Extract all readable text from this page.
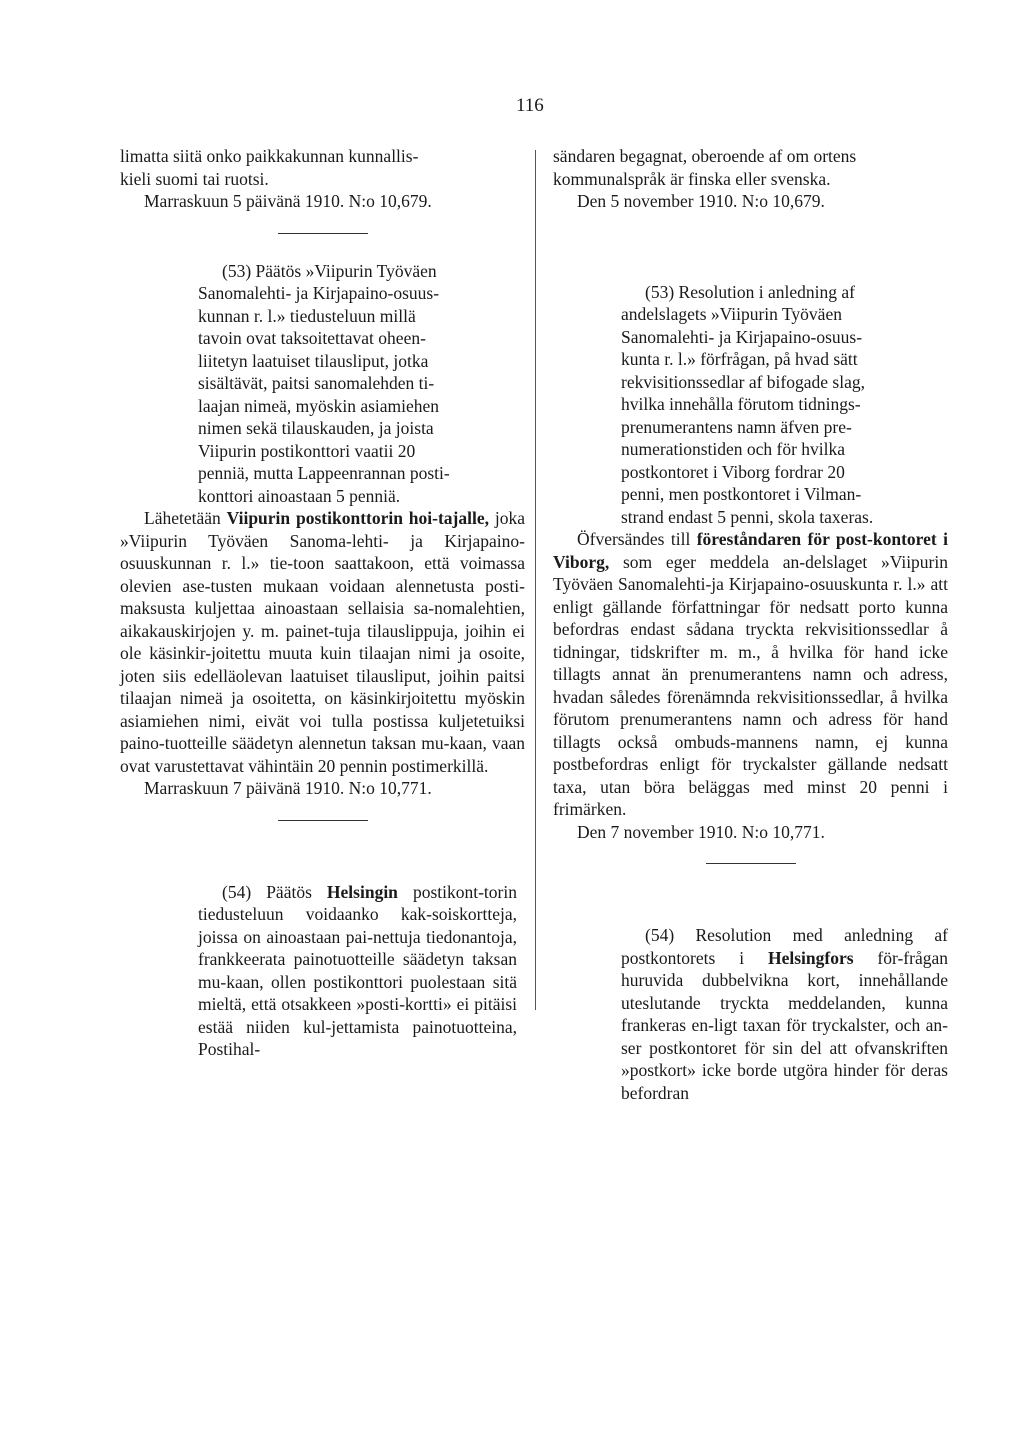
116

limatta siitä onko paikkakunnan kunnallis-

kieli suomi tai ruotsi.

Marraskuun 5 päivänä 1910. N:o 10,679.

(53) Päätös »Viipurin Työväen

Sanomalehti- ja Kirjapaino-osuus-

kunnan r. l.» tiedusteluun millä

tavoin ovat taksoitettavat oheen-

liitetyn laatuiset tilausliput, jotka

sisältävät, paitsi sanomalehden ti-

laajan nimeä, myöskin asiamiehen

nimen sekä tilauskauden, ja joista

Viipurin postikonttori vaatii 20

penniä, mutta Lappeenrannan posti-

konttori ainoastaan 5 penniä.

Lähetetään Viipurin postikonttorin hoi-tajalle, joka »Viipurin Työväen Sanoma-lehti- ja Kirjapaino-osuuskunnan r. l.» tie-toon saattakoon, että voimassa olevien ase-tusten mukaan voidaan alennetusta posti-maksusta kuljettaa ainoastaan sellaisia sa-nomalehtien, aikakauskirjojen y. m. painet-tuja tilauslippuja, joihin ei ole käsinkir-joitettu muuta kuin tilaajan nimi ja osoite, joten siis edelläolevan laatuiset tilausliput, joihin paitsi tilaajan nimeä ja osoitetta, on käsinkirjoitettu myöskin asiamiehen nimi, eivät voi tulla postissa kuljetetuiksi paino-tuotteille säädetyn alennetun taksan mu-kaan, vaan ovat varustettavat vähintäin 20 pennin postimerkillä.

Marraskuun 7 päivänä 1910. N:o 10,771.

(54) Päätös Helsingin postikont-torin tiedusteluun voidaanko kak-soiskortteja, joissa on ainoastaan pai-nettuja tiedonantoja, frankkeerata painotuotteille säädetyn taksan mu-kaan, ollen postikonttori puolestaan sitä mieltä, että otsakkeen »posti-kortti» ei pitäisi estää niiden kul-jettamista painotuotteina, Postihal-

sändaren begagnat, oberoende af om ortens

kommunalspråk är finska eller svenska.

Den 5 november 1910. N:o 10,679.

(53) Resolution i anledning af

andelslagets »Viipurin Työväen

Sanomalehti- ja Kirjapaino-osuus-

kunta r. l.» förfrågan, på hvad sätt

rekvisitionssedlar af bifogade slag,

hvilka innehålla förutom tidnings-

prenumerantens namn äfven pre-

numerationstiden och för hvilka

postkontoret i Viborg fordrar 20

penni, men postkontoret i Vilman-

strand endast 5 penni, skola taxeras.

Öfversändes till föreståndaren för post-kontoret i Viborg, som eger meddela an-delslaget »Viipurin Työväen Sanomalehti-ja Kirjapaino-osuuskunta r. l.» att enligt gällande författningar för nedsatt porto kunna befordras endast sådana tryckta rekvisitionssedlar å tidningar, tidskrifter m. m., å hvilka för hand icke tillagts annat än prenumerantens namn och adress, hvadan således förenämnda rekvisitionssedlar, å hvilka förutom prenumerantens namn och adress för hand tillagts också ombuds-mannens namn, ej kunna postbefordras enligt för tryckalster gällande nedsatt taxa, utan böra beläggas med minst 20 penni i frimärken.

Den 7 november 1910. N:o 10,771.

(54) Resolution med anledning af postkontorets i Helsingfors för-frågan huruvida dubbelvikna kort, innehållande uteslutande tryckta meddelanden, kunna frankeras en-ligt taxan för tryckalster, och an-ser postkontoret för sin del att ofvanskriften »postkort» icke borde utgöra hinder för deras befordran
